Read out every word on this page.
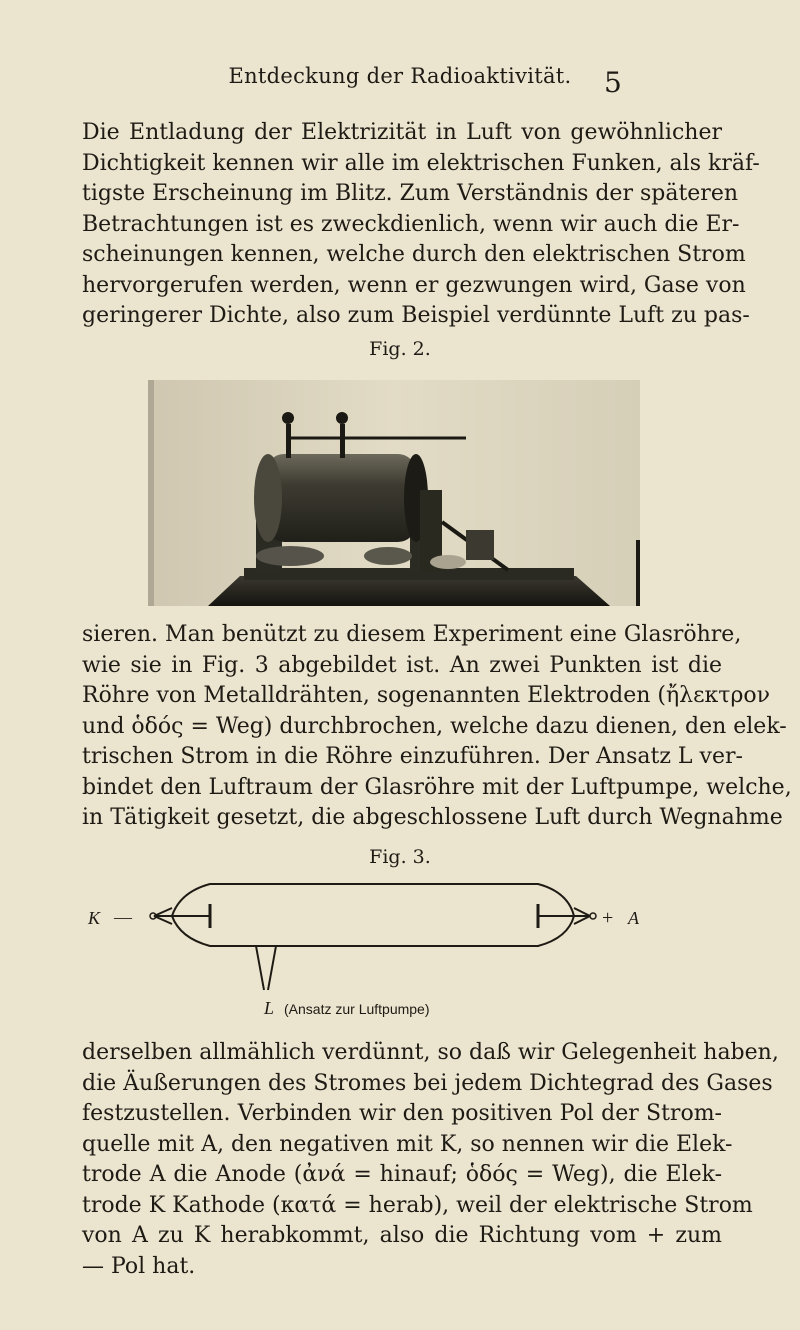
Entdeckung der Radioaktivität.	5

Die Entladung der Elektrizität in Luft von gewöhnlicher
Dichtigkeit kennen wir alle im elektrischen Funken, als kräf-
tigste Erscheinung im Blitz. Zum Verständnis der späteren
Betrachtungen ist es zweckdienlich, wenn wir auch die Er-
scheinungen kennen, welche durch den elektrischen Strom
hervorgerufen werden, wenn er gezwungen wird, Gase von
geringerer Dichte, also zum Beispiel verdünnte Luft zu pas-

Fig. 2.

sieren. Man benützt zu diesem Experiment eine Glasröhre,
wie sie in Fig. 3 abgebildet ist. An zwei Punkten ist die
Röhre von Metalldrähten, sogenannten Elektroden (ἤλεκτρον
und ὁδός = Weg) durchbrochen, welche dazu dienen, den elek-
trischen Strom in die Röhre einzuführen. Der Ansatz L ver-
bindet den Luftraum der Glasröhre mit der Luftpumpe, welche,
in Tätigkeit gesetzt, die abgeschlossene Luft durch Wegnahme

Fig. 3.
K —	+ A
L (Ansatz zur Luftpumpe)

derselben allmählich verdünnt, so daß wir Gelegenheit haben,
die Äußerungen des Stromes bei jedem Dichtegrad des Gases
festzustellen. Verbinden wir den positiven Pol der Strom-
quelle mit A, den negativen mit K, so nennen wir die Elek-
trode A die Anode (ἀνά = hinauf; ὁδός = Weg), die Elek-
trode K Kathode (κατά = herab), weil der elektrische Strom
von A zu K herabkommt, also die Richtung vom + zum
— Pol hat.
